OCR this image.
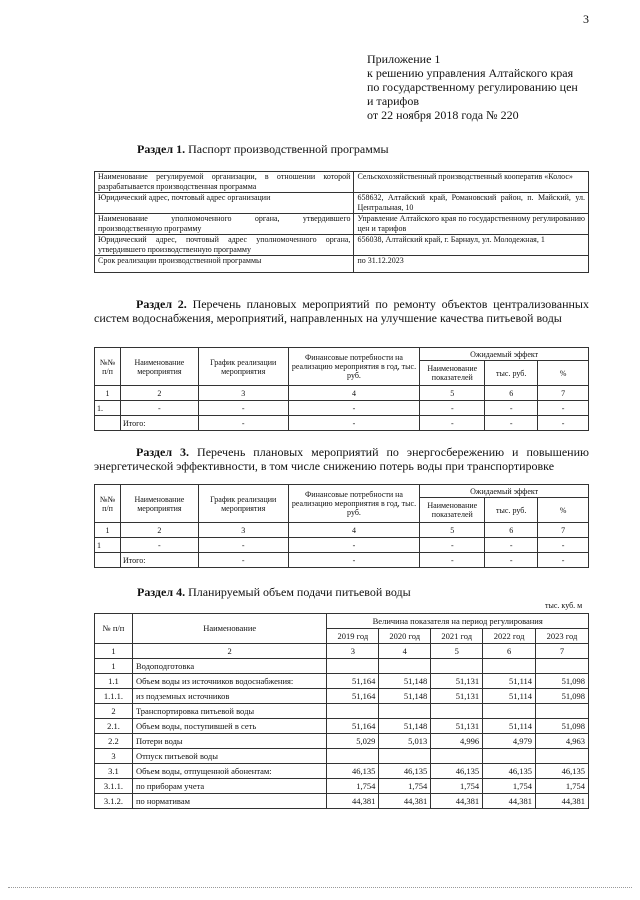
3
Приложение 1
к решению управления Алтайского края
по государственному регулированию цен
и тарифов
от 22 ноября 2018 года № 220
Раздел 1. Паспорт производственной программы
Наименование регулируемой организации, в отношении которой разрабатывается производственная программа	Сельскохозяйственный производственный кооператив «Колос»
Юридический адрес, почтовый адрес организации	658632, Алтайский край, Романовский район, п. Майский, ул. Центральная, 10
Наименование уполномоченного органа, утвердившего производственную программу	Управление Алтайского края по государственному регулированию цен и тарифов
Юридический адрес, почтовый адрес уполномоченного органа, утвердившего производственную программу	656038, Алтайский край, г. Барнаул, ул. Молодежная, 1
Срок реализации производственной программы	по 31.12.2023
Раздел 2. Перечень плановых мероприятий по ремонту объектов централизованных систем водоснабжения, мероприятий, направленных на улучшение качества питьевой воды
№№ п/п	Наименование мероприятия	График реализации мероприятия	Финансовые потребности на реализацию мероприятия в год, тыс. руб.	Ожидаемый эффект		
				Наименование показателей	тыс. руб.	%
1	2	3	4	5	6	7
1.	-	-	-	-	-	-
	Итого:	-	-	-	-	-
Раздел 3. Перечень плановых мероприятий по энергосбережению и повышению энергетической эффективности, в том числе снижению потерь воды при транспортировке
№№ п/п	Наименование мероприятия	График реализации мероприятия	Финансовые потребности на реализацию мероприятия в год, тыс. руб.	Ожидаемый эффект		
				Наименование показателей	тыс. руб.	%
1	2	3	4	5	6	7
1	-	-	-	-	-	-
	Итого:	-	-	-	-	-
Раздел 4. Планируемый объем подачи питьевой воды
тыс. куб. м
№ п/п	Наименование	Величина показателя на период регулирования				
		2019 год	2020 год	2021 год	2022 год	2023 год
1	2	3	4	5	6	7
1	Водоподготовка					
1.1	Объем воды из источников водоснабжения:	51,164	51,148	51,131	51,114	51,098
1.1.1.	из подземных источников	51,164	51,148	51,131	51,114	51,098
2	Транспортировка питьевой воды					
2.1.	Объем воды, поступившей в сеть	51,164	51,148	51,131	51,114	51,098
2.2	Потери воды	5,029	5,013	4,996	4,979	4,963
3	Отпуск питьевой воды					
3.1	Объем воды, отпущенной абонентам:	46,135	46,135	46,135	46,135	46,135
3.1.1.	по приборам учета	1,754	1,754	1,754	1,754	1,754
3.1.2.	по нормативам	44,381	44,381	44,381	44,381	44,381
